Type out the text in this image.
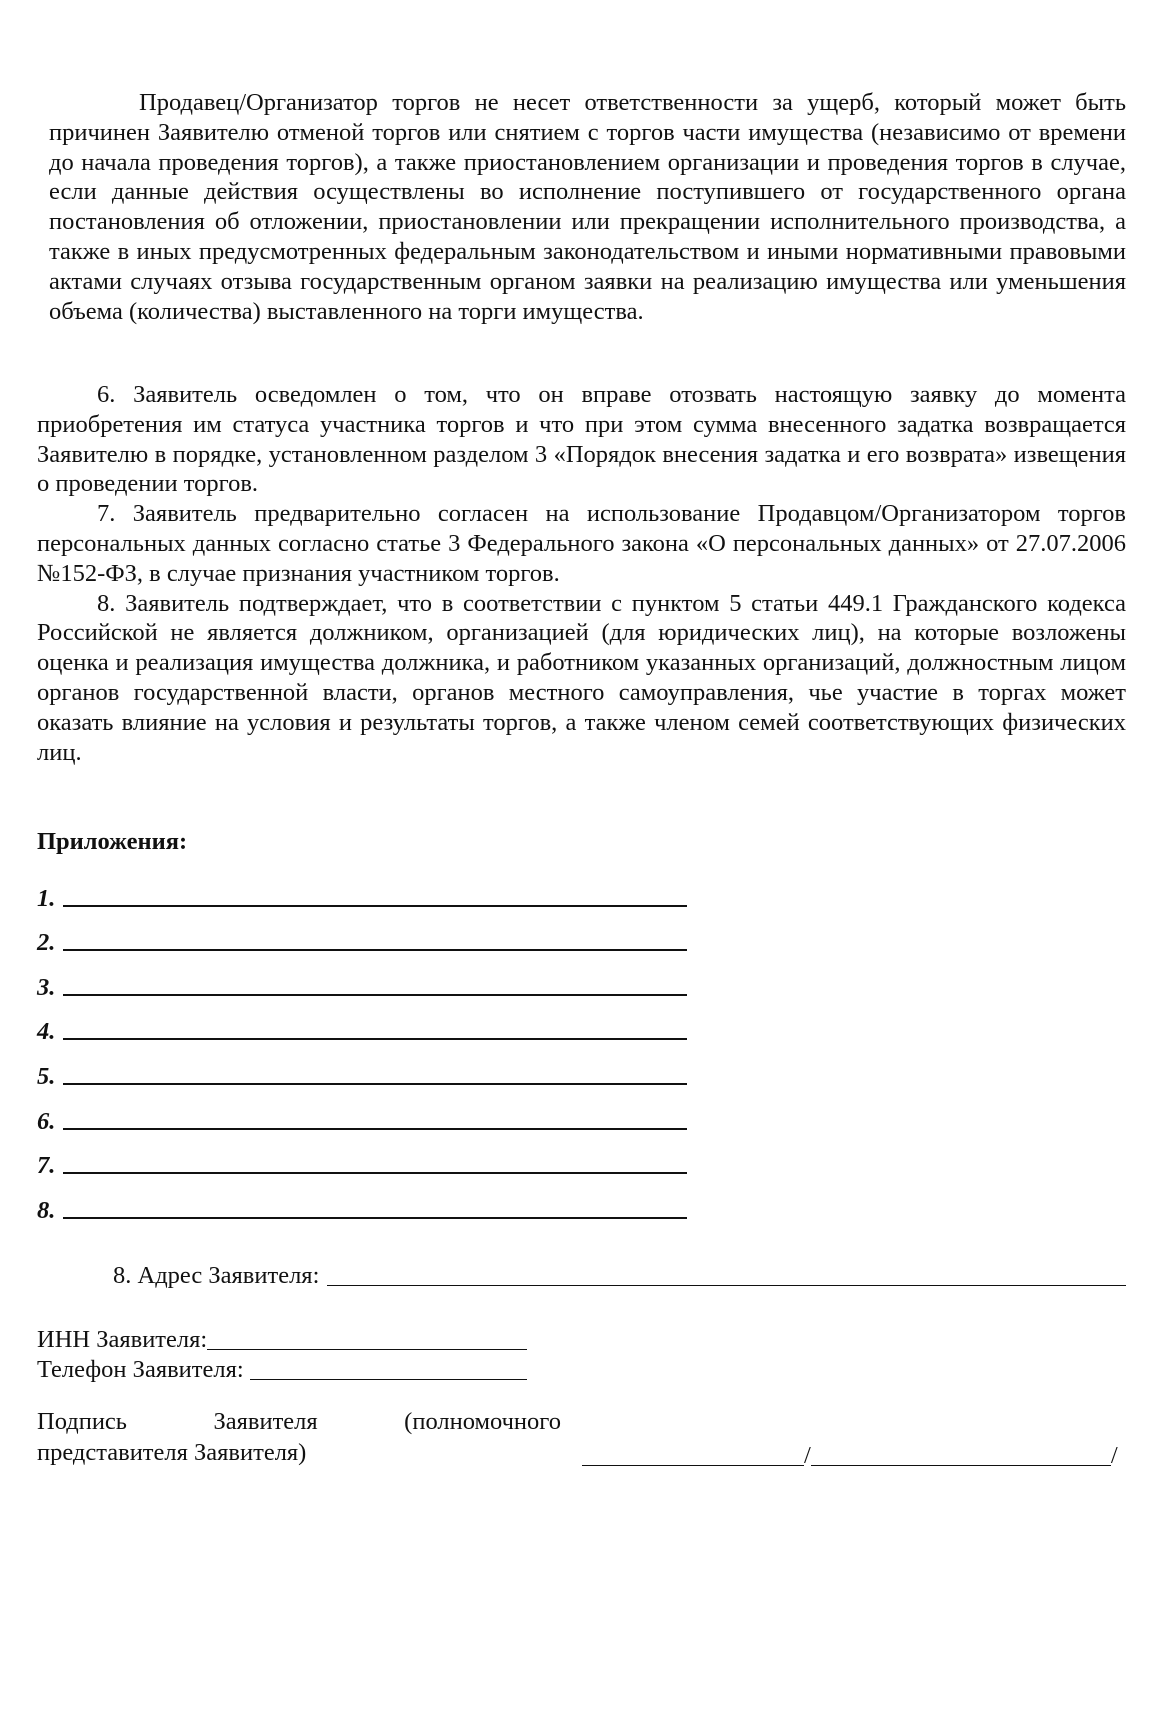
Продавец/Организатор торгов не несет ответственности за ущерб, который может быть причинен Заявителю отменой торгов или снятием с торгов части имущества (независимо от времени до начала проведения торгов), а также приостановлением организации и проведения торгов в случае, если данные действия осуществлены во исполнение поступившего от государственного органа постановления об отложении, приостановлении или прекращении исполнительного производства, а также в иных предусмотренных федеральным законодательством и иными нормативными правовыми актами случаях отзыва государственным органом заявки на реализацию имущества или уменьшения объема (количества) выставленного на торги имущества.

6. Заявитель осведомлен о том, что он вправе отозвать настоящую заявку до момента приобретения им статуса участника торгов и что при этом сумма внесенного задатка возвращается Заявителю в порядке, установленном разделом 3 «Порядок внесения задатка и его возврата» извещения о проведении торгов.

7. Заявитель предварительно согласен на использование Продавцом/Организатором торгов персональных данных согласно статье 3 Федерального закона «О персональных данных» от 27.07.2006 №152-ФЗ, в случае признания участником торгов.

8. Заявитель подтверждает, что в соответствии с пунктом 5 статьи 449.1 Гражданского кодекса Российской не является должником, организацией (для юридических лиц), на которые возложены оценка и реализация имущества должника, и работником указанных организаций, должностным лицом органов государственной власти, органов местного самоуправления, чье участие в торгах может оказать влияние на условия и результаты торгов, а также членом семей соответствующих физических лиц.

Приложения:
1.
2.
3.
4.
5.
6.
7.
8.
8. Адрес Заявителя:
ИНН Заявителя:
Телефон Заявителя:
Подпись	Заявителя	(полномочного
представителя Заявителя)	/	/
